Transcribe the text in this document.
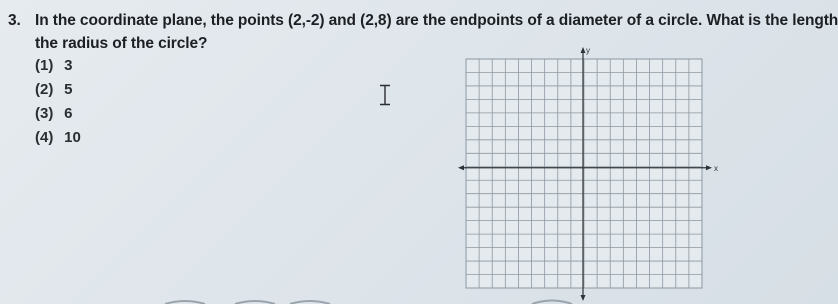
3. In the coordinate plane, the points (2,-2) and (2,8) are the endpoints of a diameter of a circle. What is the length
the radius of the circle?
(1) 3
(2) 5
(3) 6
(4) 10
y
x
